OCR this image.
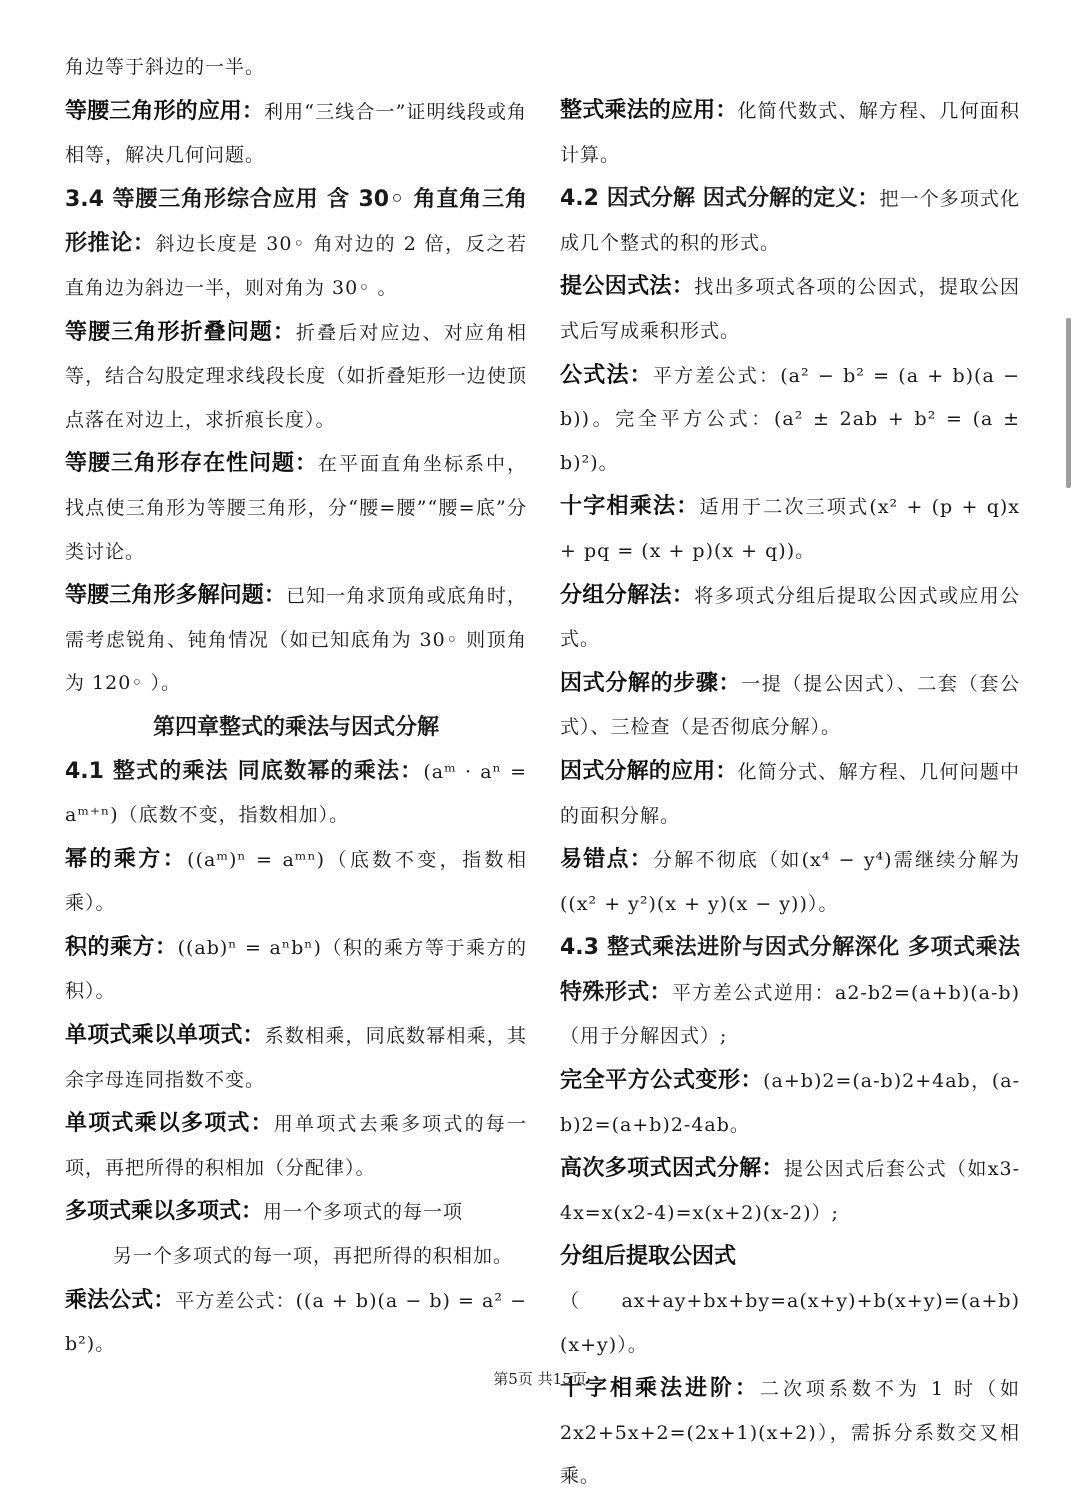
角边等于斜边的一半。

等腰三角形的应用：利用“三线合一”证明线段或角相等，解决几何问题。

3.4 等腰三角形综合应用 含 30◦ 角直角三角形推论：斜边长度是 30◦ 角对边的 2 倍，反之若直角边为斜边一半，则对角为 30◦ 。

等腰三角形折叠问题：折叠后对应边、对应角相等，结合勾股定理求线段长度（如折叠矩形一边使顶点落在对边上，求折痕长度）。

等腰三角形存在性问题：在平面直角坐标系中，找点使三角形为等腰三角形，分“腰=腰”“腰=底”分类讨论。

等腰三角形多解问题：已知一角求顶角或底角时，需考虑锐角、钝角情况（如已知底角为 30◦ 则顶角为 120◦ ）。

第四章整式的乘法与因式分解

4.1 整式的乘法 同底数幂的乘法：(aᵐ · aⁿ = aᵐ⁺ⁿ)（底数不变，指数相加）。

幂的乘方：((aᵐ)ⁿ = aᵐⁿ)（底数不变，指数相乘）。

积的乘方：((ab)ⁿ = aⁿbⁿ)（积的乘方等于乘方的积）。

单项式乘以单项式：系数相乘，同底数幂相乘，其余字母连同指数不变。

单项式乘以多项式：用单项式去乘多项式的每一项，再把所得的积相加（分配律）。

多项式乘以多项式：用一个多项式的每一项

另一个多项式的每一项，再把所得的积相加。

乘法公式：平方差公式：((a + b)(a − b) = a² − b²)。

整式乘法的应用：化简代数式、解方程、几何面积计算。

4.2 因式分解 因式分解的定义：把一个多项式化成几个整式的积的形式。

提公因式法：找出多项式各项的公因式，提取公因式后写成乘积形式。

公式法：平方差公式：(a² − b² = (a + b)(a − b))。完全平方公式：(a² ± 2ab + b² = (a ± b)²)。

十字相乘法：适用于二次三项式(x² + (p + q)x + pq = (x + p)(x + q))。

分组分解法：将多项式分组后提取公因式或应用公式。

因式分解的步骤：一提（提公因式）、二套（套公式）、三检查（是否彻底分解）。

因式分解的应用：化简分式、解方程、几何问题中的面积分解。

易错点：分解不彻底（如(x⁴ − y⁴)需继续分解为((x² + y²)(x + y)(x − y))）。

4.3 整式乘法进阶与因式分解深化 多项式乘法特殊形式：平方差公式逆用：a2-b2=(a+b)(a-b)（用于分解因式）;

完全平方公式变形：(a+b)2=(a-b)2+4ab，(a-b)2=(a+b)2-4ab。

高次多项式因式分解：提公因式后套公式（如x3-4x=x(x2-4)=x(x+2)(x-2)）;

分组后提取公因式

（ax+ay+bx+by=a(x+y)+b(x+y)=(a+b)(x+y)）。

十字相乘法进阶：二次项系数不为 1 时（如2x2+5x+2=(2x+1)(x+2)），需拆分系数交叉相乘。

第5页 共15页
